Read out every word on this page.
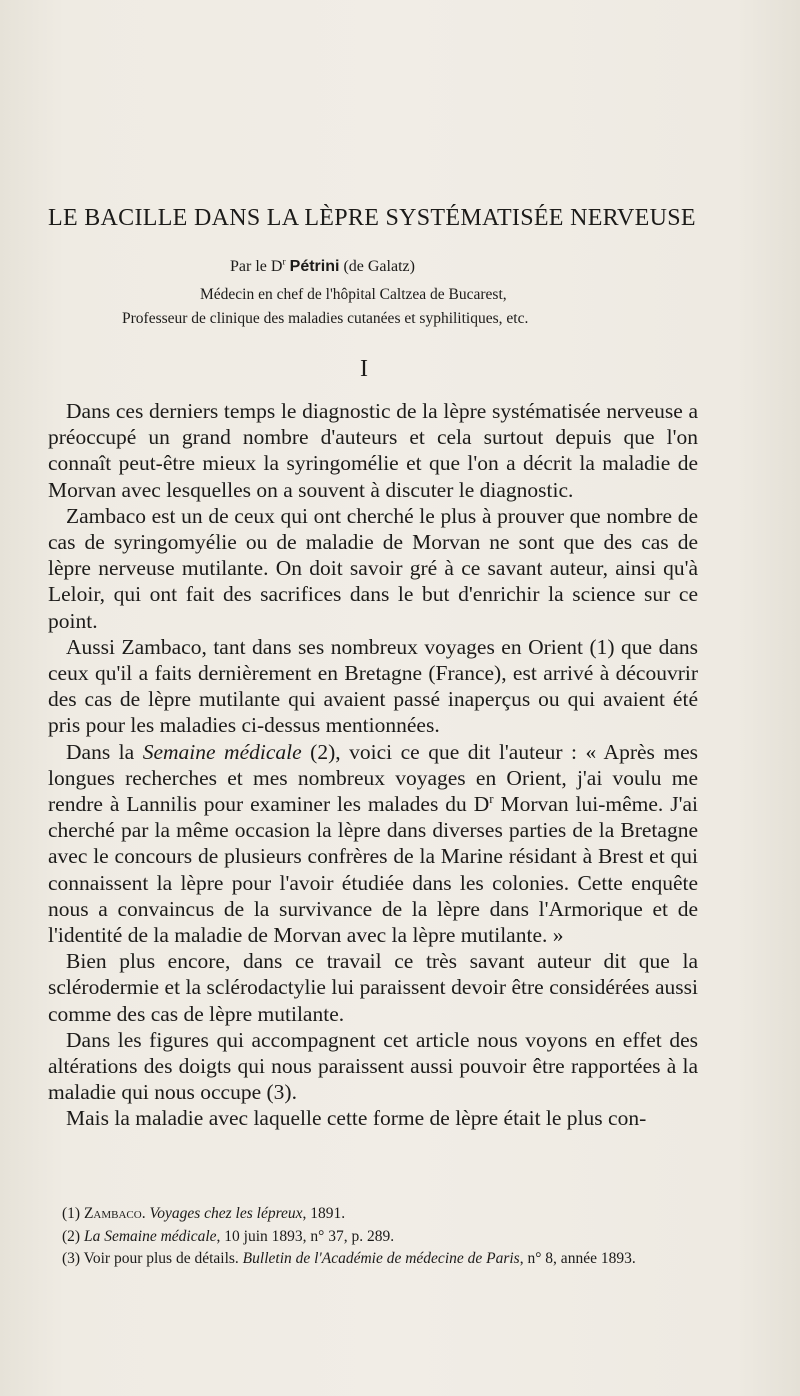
LE BACILLE DANS LA LÈPRE SYSTÉMATISÉE NERVEUSE
Par le $D^r$ Pétrini (de Galatz)
Médecin en chef de l'hôpital Caltzea de Bucarest,
Professeur de clinique des maladies cutanées et syphilitiques, etc.
I

Dans ces derniers temps le diagnostic de la lèpre systématisée nerveuse a préoccupé un grand nombre d'auteurs et cela surtout depuis que l'on connaît peut-être mieux la syringomélie et que l'on a décrit la maladie de Morvan avec lesquelles on a souvent à discuter le diagnostic.

Zambaco est un de ceux qui ont cherché le plus à prouver que nombre de cas de syringomyélie ou de maladie de Morvan ne sont que des cas de lèpre nerveuse mutilante. On doit savoir gré à ce savant auteur, ainsi qu'à Leloir, qui ont fait des sacrifices dans le but d'enrichir la science sur ce point.

Aussi Zambaco, tant dans ses nombreux voyages en Orient (1) que dans ceux qu'il a faits dernièrement en Bretagne (France), est arrivé à découvrir des cas de lèpre mutilante qui avaient passé inaperçus ou qui avaient été pris pour les maladies ci-dessus mentionnées.

Dans la Semaine médicale (2), voici ce que dit l'auteur : « Après mes longues recherches et mes nombreux voyages en Orient, j'ai voulu me rendre à Lannilis pour examiner les malades du $D^r$ Morvan lui-même. J'ai cherché par la même occasion la lèpre dans diverses parties de la Bretagne avec le concours de plusieurs confrères de la Marine résidant à Brest et qui connaissent la lèpre pour l'avoir étudiée dans les colonies. Cette enquête nous a convaincus de la survivance de la lèpre dans l'Armorique et de l'identité de la maladie de Morvan avec la lèpre mutilante. »

Bien plus encore, dans ce travail ce très savant auteur dit que la sclérodermie et la sclérodactylie lui paraissent devoir être considérées aussi comme des cas de lèpre mutilante.

Dans les figures qui accompagnent cet article nous voyons en effet des altérations des doigts qui nous paraissent aussi pouvoir être rapportées à la maladie qui nous occupe (3).

Mais la maladie avec laquelle cette forme de lèpre était le plus con-

(1) Zambaco. Voyages chez les lépreux, 1891.
(2) La Semaine médicale, 10 juin 1893, n° 37, p. 289.
(3) Voir pour plus de détails. Bulletin de l'Académie de médecine de Paris, n° 8, année 1893.
